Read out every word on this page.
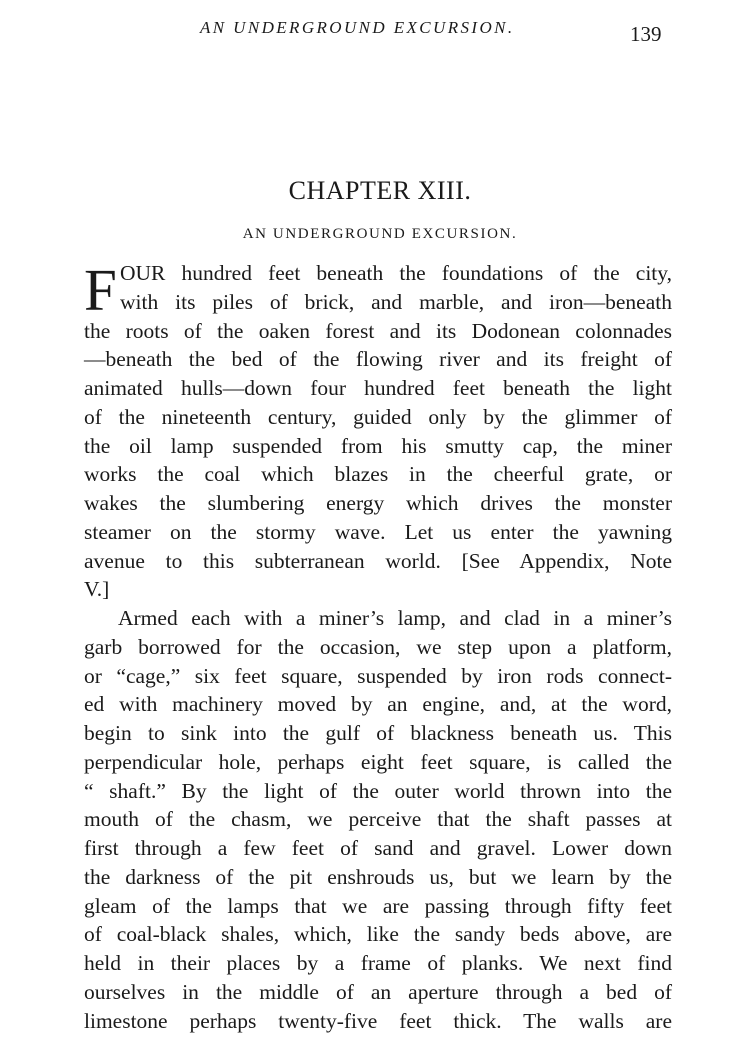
AN UNDERGROUND EXCURSION.	139
CHAPTER XIII.
AN UNDERGROUND EXCURSION.
F OUR hundred feet beneath the foundations of the city,
with its piles of brick, and marble, and iron—beneath
the roots of the oaken forest and its Dodonean colonnades
—beneath the bed of the flowing river and its freight of
animated hulls—down four hundred feet beneath the light
of the nineteenth century, guided only by the glimmer of
the oil lamp suspended from his smutty cap, the miner
works the coal which blazes in the cheerful grate, or
wakes the slumbering energy which drives the monster
steamer on the stormy wave. Let us enter the yawning
avenue to this subterranean world. [See Appendix, Note
V.]
Armed each with a miner’s lamp, and clad in a miner’s
garb borrowed for the occasion, we step upon a platform,
or “cage,” six feet square, suspended by iron rods connect-
ed with machinery moved by an engine, and, at the word,
begin to sink into the gulf of blackness beneath us. This
perpendicular hole, perhaps eight feet square, is called the
“ shaft.” By the light of the outer world thrown into the
mouth of the chasm, we perceive that the shaft passes at
first through a few feet of sand and gravel. Lower down
the darkness of the pit enshrouds us, but we learn by the
gleam of the lamps that we are passing through fifty feet
of coal-black shales, which, like the sandy beds above, are
held in their places by a frame of planks. We next find
ourselves in the middle of an aperture through a bed of
limestone perhaps twenty-five feet thick. The walls are
